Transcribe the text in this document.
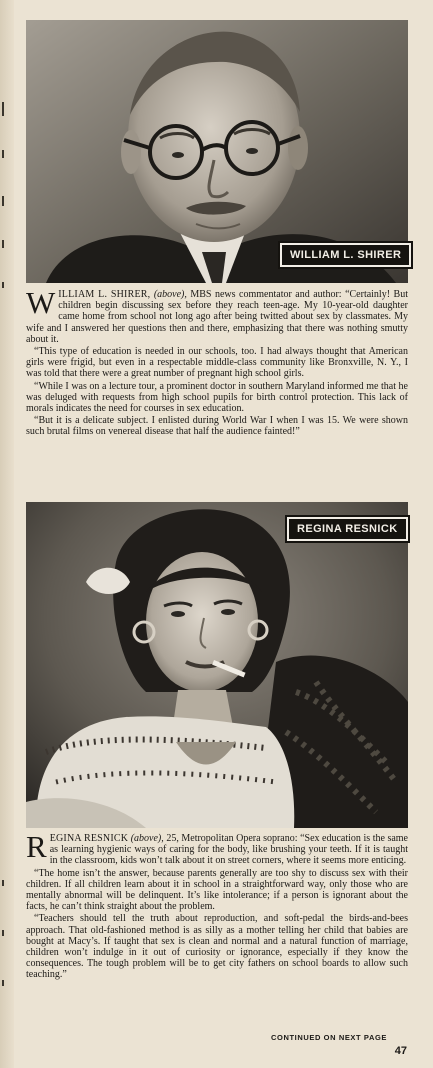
WILLIAM L. SHIRER

WILLIAM L. SHIRER, (above), MBS news commentator and author: “Certainly! But children begin discussing sex before they reach teen-age. My 10-year-old daughter came home from school not long ago after being twitted about sex by classmates. My wife and I answered her questions then and there, emphasizing that there was nothing smutty about it.

“This type of education is needed in our schools, too. I had always thought that American girls were frigid, but even in a respectable middle-class community like Bronxville, N. Y., I was told that there were a great number of pregnant high school girls.

“While I was on a lecture tour, a prominent doctor in southern Maryland informed me that he was deluged with requests from high school pupils for birth control protection. This lack of morals indicates the need for courses in sex education.

“But it is a delicate subject. I enlisted during World War I when I was 15. We were shown such brutal films on venereal disease that half the audience fainted!”

REGINA RESNICK

REGINA RESNICK (above), 25, Metropolitan Opera soprano: “Sex education is the same as learning hygienic ways of caring for the body, like brushing your teeth. If it is taught in the classroom, kids won’t talk about it on street corners, where it seems more enticing.

“The home isn’t the answer, because parents generally are too shy to discuss sex with their children. If all children learn about it in school in a straightforward way, only those who are mentally abnormal will be delinquent. It’s like intolerance; if a person is ignorant about the facts, he can’t think straight about the problem.

“Teachers should tell the truth about reproduction, and soft-pedal the birds-and-bees approach. That old-fashioned method is as silly as a mother telling her child that babies are bought at Macy’s. If taught that sex is clean and normal and a natural function of marriage, children won’t indulge in it out of curiosity or ignorance, especially if they know the consequences. The tough problem will be to get city fathers on school boards to allow such teaching.”

CONTINUED ON NEXT PAGE
47
